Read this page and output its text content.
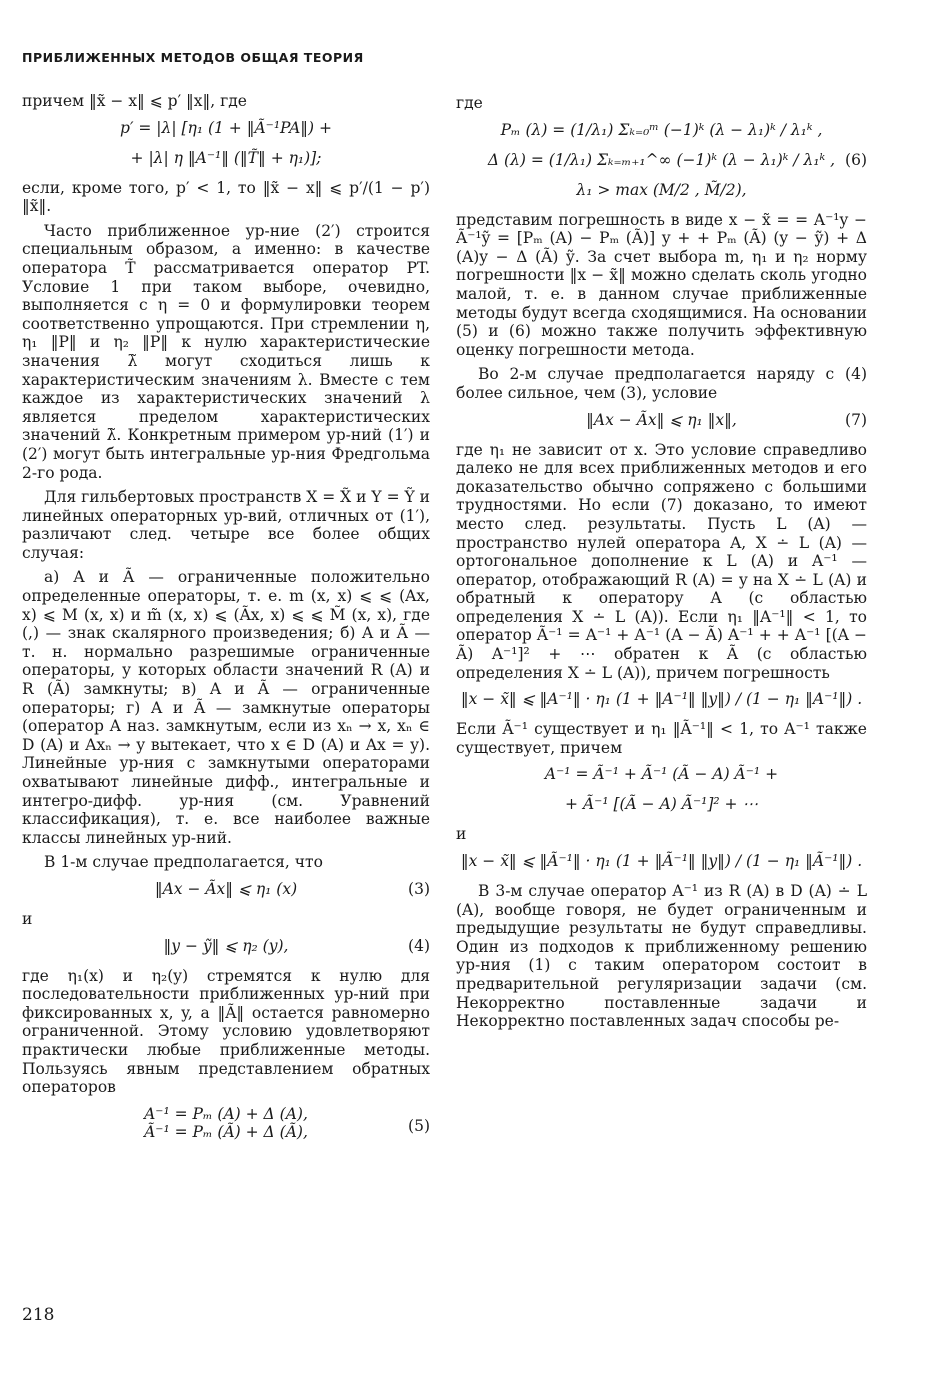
ПРИБЛИЖЕННЫХ МЕТОДОВ ОБЩАЯ ТЕОРИЯ

причем ‖x̃ − x‖ ⩽ p′ ‖x‖, где

p′ = |λ| [η₁ (1 + ‖Ã⁻¹PA‖) +
+ |λ| η ‖A⁻¹‖ (‖T̃‖ + η₁)];

если, кроме того, p′ < 1, то ‖x̃ − x‖ ⩽ p′/(1 − p′) ‖x̃‖.

Часто приближенное ур-ние (2′) строится специальным образом, а именно: в качестве оператора T̃ рассматривается оператор PT. Условие 1 при таком выборе, очевидно, выполняется с η = 0 и формулировки теорем соответственно упрощаются. При стремлении η, η₁ ‖P‖ и η₂ ‖P‖ к нулю характеристические значения λ̃ могут сходиться лишь к характеристическим значениям λ. Вместе с тем каждое из характеристических значений λ является пределом характеристических значений λ̃. Конкретным примером ур-ний (1′) и (2′) могут быть интегральные ур-ния Фредгольма 2-го рода.

Для гильбертовых пространств X = X̃ и Y = Ỹ и линейных операторных ур-вий, отличных от (1′), различают след. четыре все более общих случая:

а) A и Ã — ограниченные положительно определенные операторы, т. е. m (x, x) ⩽ ⩽ (Ax, x) ⩽ M (x, x) и m̃ (x, x) ⩽ (Ãx, x) ⩽ ⩽ M̃ (x, x), где (,) — знак скалярного произведения; б) A и Ã — т. н. нормально разрешимые ограниченные операторы, у которых области значений R (A) и R (Ã) замкнуты; в) A и Ã — ограниченные операторы; г) A и Ã — замкнутые операторы (оператор A наз. замкнутым, если из xₙ → x, xₙ ∈ D (A) и Axₙ → y вытекает, что x ∈ D (A) и Ax = y). Линейные ур-ния с замкнутыми операторами охватывают линейные дифф., интегральные и интегро-дифф. ур-ния (см. Уравнений классификация), т. е. все наиболее важные классы линейных ур-ний.

В 1-м случае предполагается, что

‖Ax − Ãx‖ ⩽ η₁ (x)	(3)

и

‖y − ỹ‖ ⩽ η₂ (y),	(4)

где η₁(x) и η₂(y) стремятся к нулю для последовательности приближенных ур-ний при фиксированных x, y, а ‖Ã‖ остается равномерно ограниченной. Этому условию удовлетворяют практически любые приближенные методы. Пользуясь явным представлением обратных операторов

A⁻¹ = Pₘ (A) + Δ (A),
Ã⁻¹ = Pₘ (Ã) + Δ (Ã),	(5)

где

Pₘ (λ) = (1/λ₁) Σₖ₌₀ᵐ (−1)ᵏ (λ − λ₁)ᵏ / λ₁ᵏ ,
Δ (λ) = (1/λ₁) Σₖ₌ₘ₊₁^∞ (−1)ᵏ (λ − λ₁)ᵏ / λ₁ᵏ , (6)
λ₁ > max (M/2 , M̃/2),

представим погрешность в виде x − x̃ = = A⁻¹y − Ã⁻¹ỹ = [Pₘ (A) − Pₘ (Ã)] y + + Pₘ (Ã) (y − ỹ) + Δ (A)y − Δ (Ã) ỹ. За счет выбора m, η₁ и η₂ норму погрешности ‖x − x̃‖ можно сделать сколь угодно малой, т. е. в данном случае приближенные методы будут всегда сходящимися. На основании (5) и (6) можно также получить эффективную оценку погрешности метода.

Во 2-м случае предполагается наряду с (4) более сильное, чем (3), условие

‖Ax − Ãx‖ ⩽ η₁ ‖x‖,	(7)

где η₁ не зависит от x. Это условие справедливо далеко не для всех приближенных методов и его доказательство обычно сопряжено с большими трудностями. Но если (7) доказано, то имеют место след. результаты. Пусть L (A) — пространство нулей оператора A, X ∸ L (A) — ортогональное дополнение к L (A) и A⁻¹ — оператор, отображающий R (A) = y на X ∸ L (A) и обратный к оператору A (с областью определения X ∸ L (A)). Если η₁ ‖A⁻¹‖ < 1, то оператор Ã⁻¹ = A⁻¹ + A⁻¹ (A − Ã) A⁻¹ + + A⁻¹ [(A − Ã) A⁻¹]² + ⋯ обратен к Ã (с областью определения X ∸ L (A)), причем погрешность

‖x − x̃‖ ⩽ ‖A⁻¹‖ · η₁ (1 + ‖A⁻¹‖ ‖y‖) / (1 − η₁ ‖A⁻¹‖) .

Если Ã⁻¹ существует и η₁ ‖Ã⁻¹‖ < 1, то A⁻¹ также существует, причем

A⁻¹ = Ã⁻¹ + Ã⁻¹ (Ã − A) Ã⁻¹ +
+ Ã⁻¹ [(Ã − A) Ã⁻¹]² + ⋯

и

‖x − x̃‖ ⩽ ‖Ã⁻¹‖ · η₁ (1 + ‖Ã⁻¹‖ ‖y‖) / (1 − η₁ ‖Ã⁻¹‖) .

В 3-м случае оператор A⁻¹ из R (A) в D (A) ∸ L (A), вообще говоря, не будет ограниченным и предыдущие результаты не будут справедливы. Один из подходов к приближенному решению ур-ния (1) с таким оператором состоит в предварительной регуляризации задачи (см. Некорректно поставленные задачи и Некорректно поставленных задач способы ре-

218
